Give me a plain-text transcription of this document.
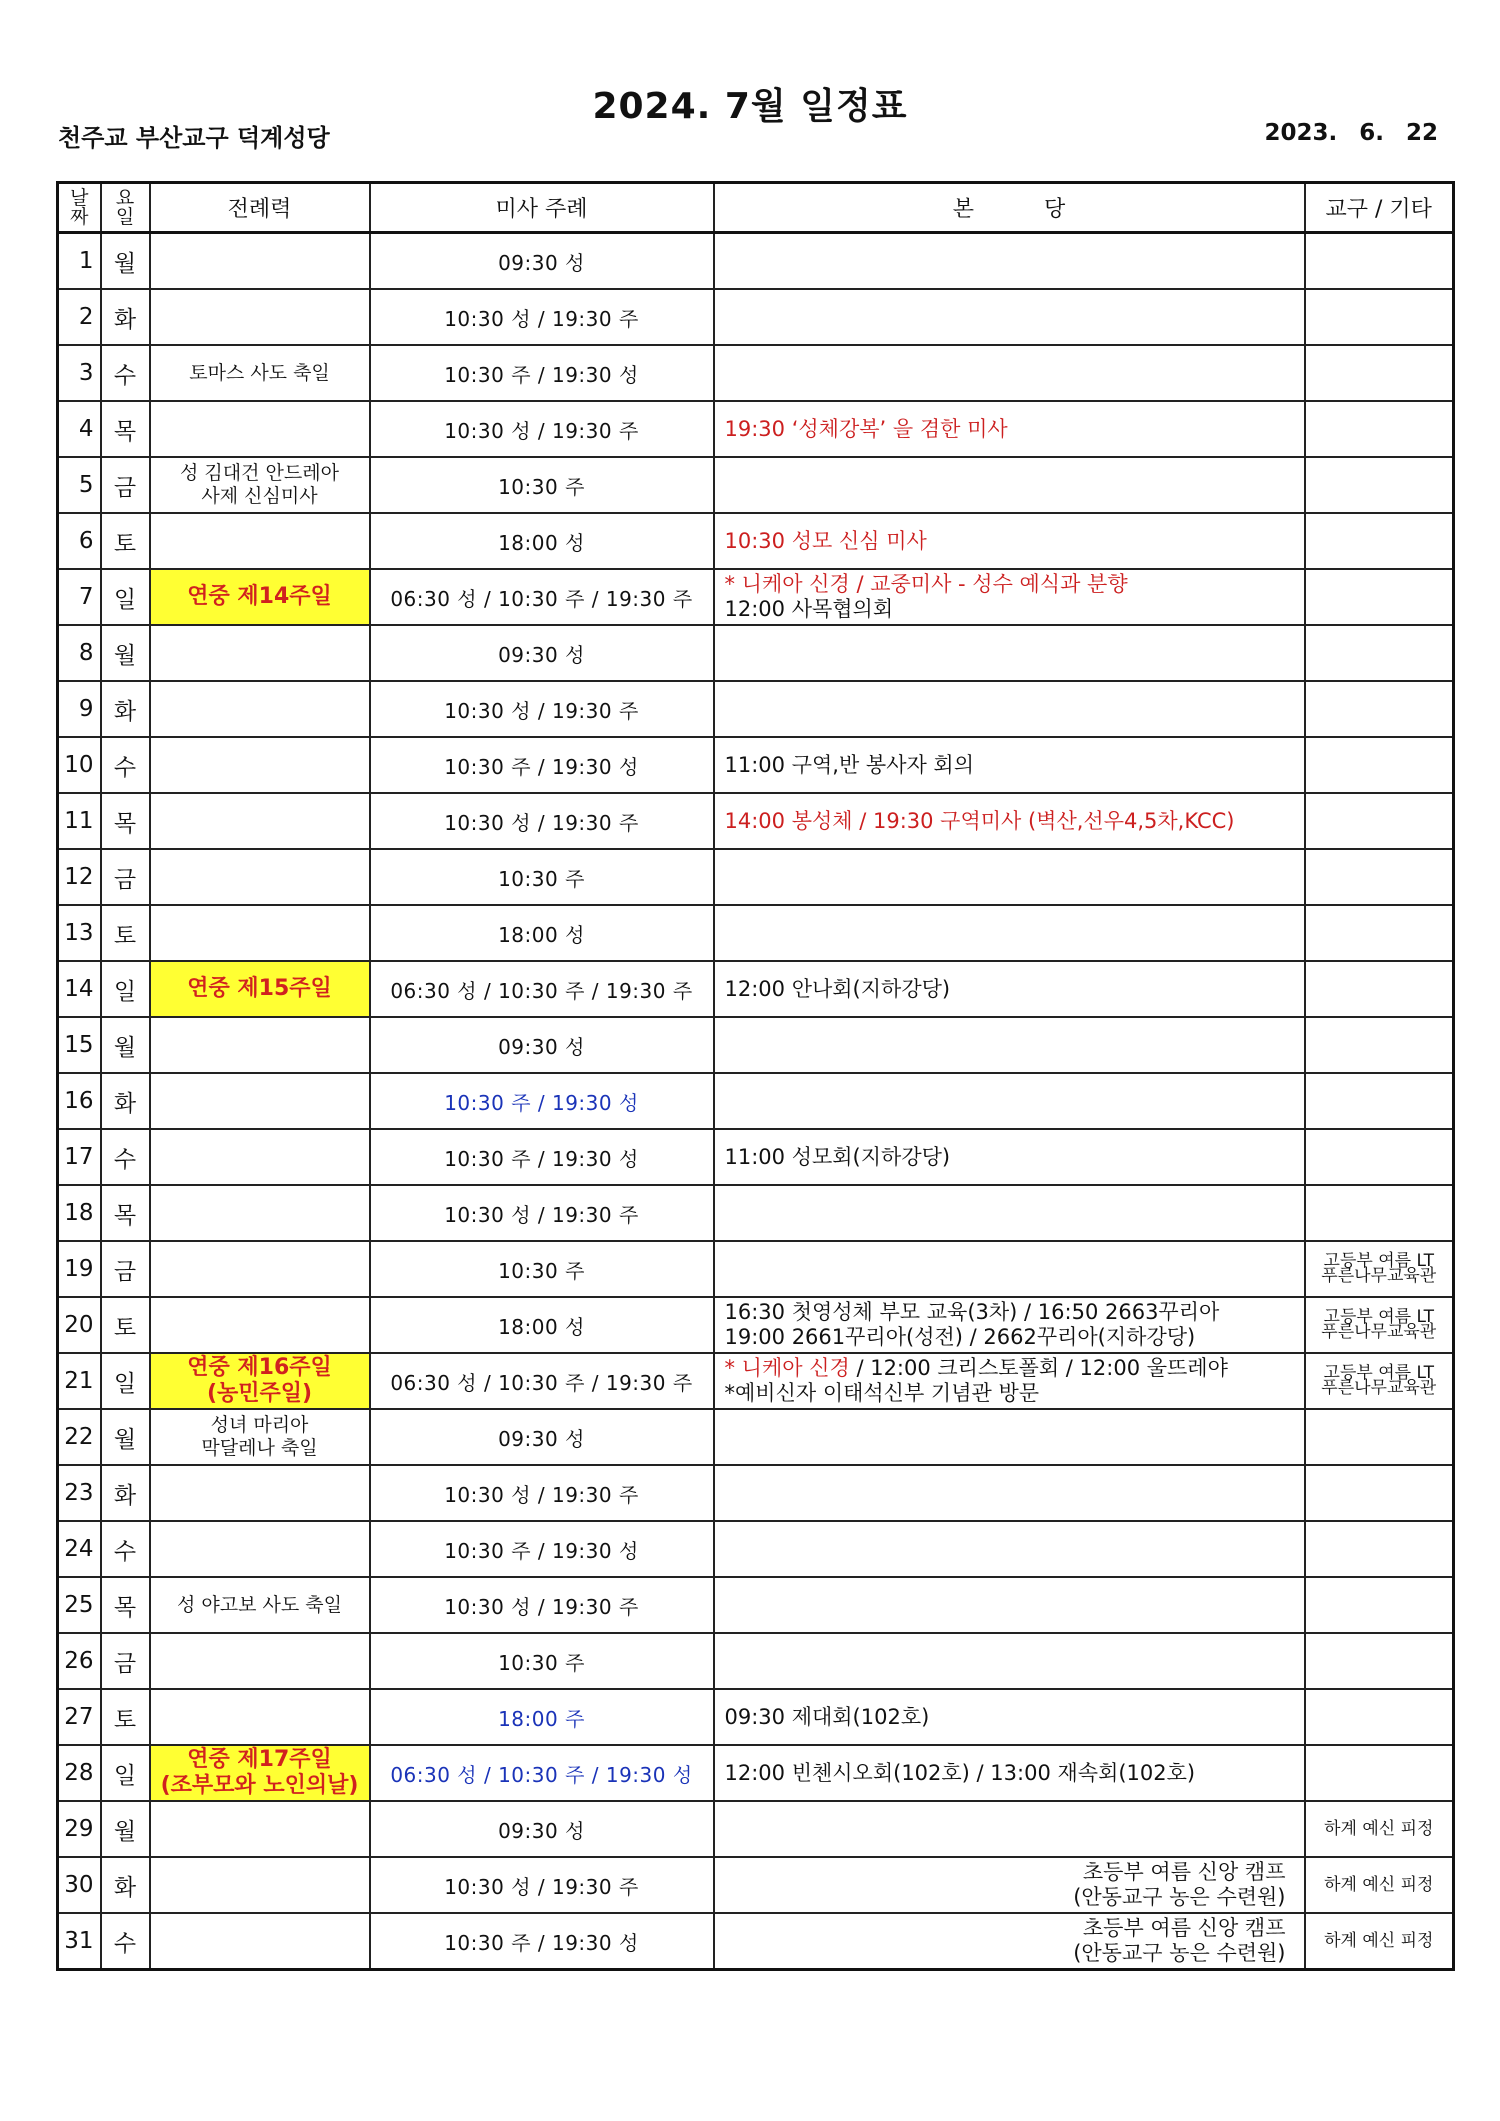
2024. 7월 일정표
천주교 부산교구 덕계성당	2023. 6. 22
날
짜	요
일	전례력	미사 주례	본          당	교구 / 기타
1	월		09:30 성		
2	화		10:30 성 / 19:30 주		
3	수	토마스 사도 축일	10:30 주 / 19:30 성		
4	목		10:30 성 / 19:30 주	19:30 ‘성체강복’ 을 겸한 미사	

5	금	성 김대건 안드레아
사제 신심미사	10:30 주		
6	토		18:00 성	10:30 성모 신심 미사	

7	일	연중 제14주일	06:30 성 / 10:30 주 / 19:30 주	* 니케아 신경 / 교중미사 - 성수 예식과 분향
12:00 사목협의회	

8	월		09:30 성		
9	화		10:30 성 / 19:30 주		
10	수		10:30 주 / 19:30 성	11:00 구역,반 봉사자 회의	

11	목		10:30 성 / 19:30 주	14:00 봉성체 / 19:30 구역미사 (벽산,선우4,5차,KCC)	

12	금		10:30 주		
13	토		18:00 성		
14	일	연중 제15주일	06:30 성 / 10:30 주 / 19:30 주	12:00 안나회(지하강당)	

15	월		09:30 성		
16	화		10:30 주 / 19:30 성		
17	수		10:30 주 / 19:30 성	11:00 성모회(지하강당)	

18	목		10:30 성 / 19:30 주		
19	금		10:30 주		고등부 여름 LT
푸른나무교육관
20	토		18:00 성	16:30 첫영성체 부모 교육(3차) / 16:50 2663꾸리아
19:00 2661꾸리아(성전) / 2662꾸리아(지하강당)	고등부 여름 LT
푸른나무교육관
21	일	연중 제16주일
(농민주일)	06:30 성 / 10:30 주 / 19:30 주	* 니케아 신경 / 12:00 크리스토폴회 / 12:00 울뜨레야
*예비신자 이태석신부 기념관 방문	고등부 여름 LT
푸른나무교육관
22	월	성녀 마리아
막달레나 축일	09:30 성		
23	화		10:30 성 / 19:30 주		
24	수		10:30 주 / 19:30 성		
25	목	성 야고보 사도 축일	10:30 성 / 19:30 주		
26	금		10:30 주		
27	토		18:00 주	09:30 제대회(102호)	

28	일	연중 제17주일
(조부모와 노인의날)	06:30 성 / 10:30 주 / 19:30 성	12:00 빈첸시오회(102호) / 13:00 재속회(102호)	

29	월		09:30 성		하계 예신 피정
30	화		10:30 성 / 19:30 주	초등부 여름 신앙 캠프
(안동교구 농은 수련원)	하계 예신 피정
31	수		10:30 주 / 19:30 성	초등부 여름 신앙 캠프
(안동교구 농은 수련원)	하계 예신 피정
